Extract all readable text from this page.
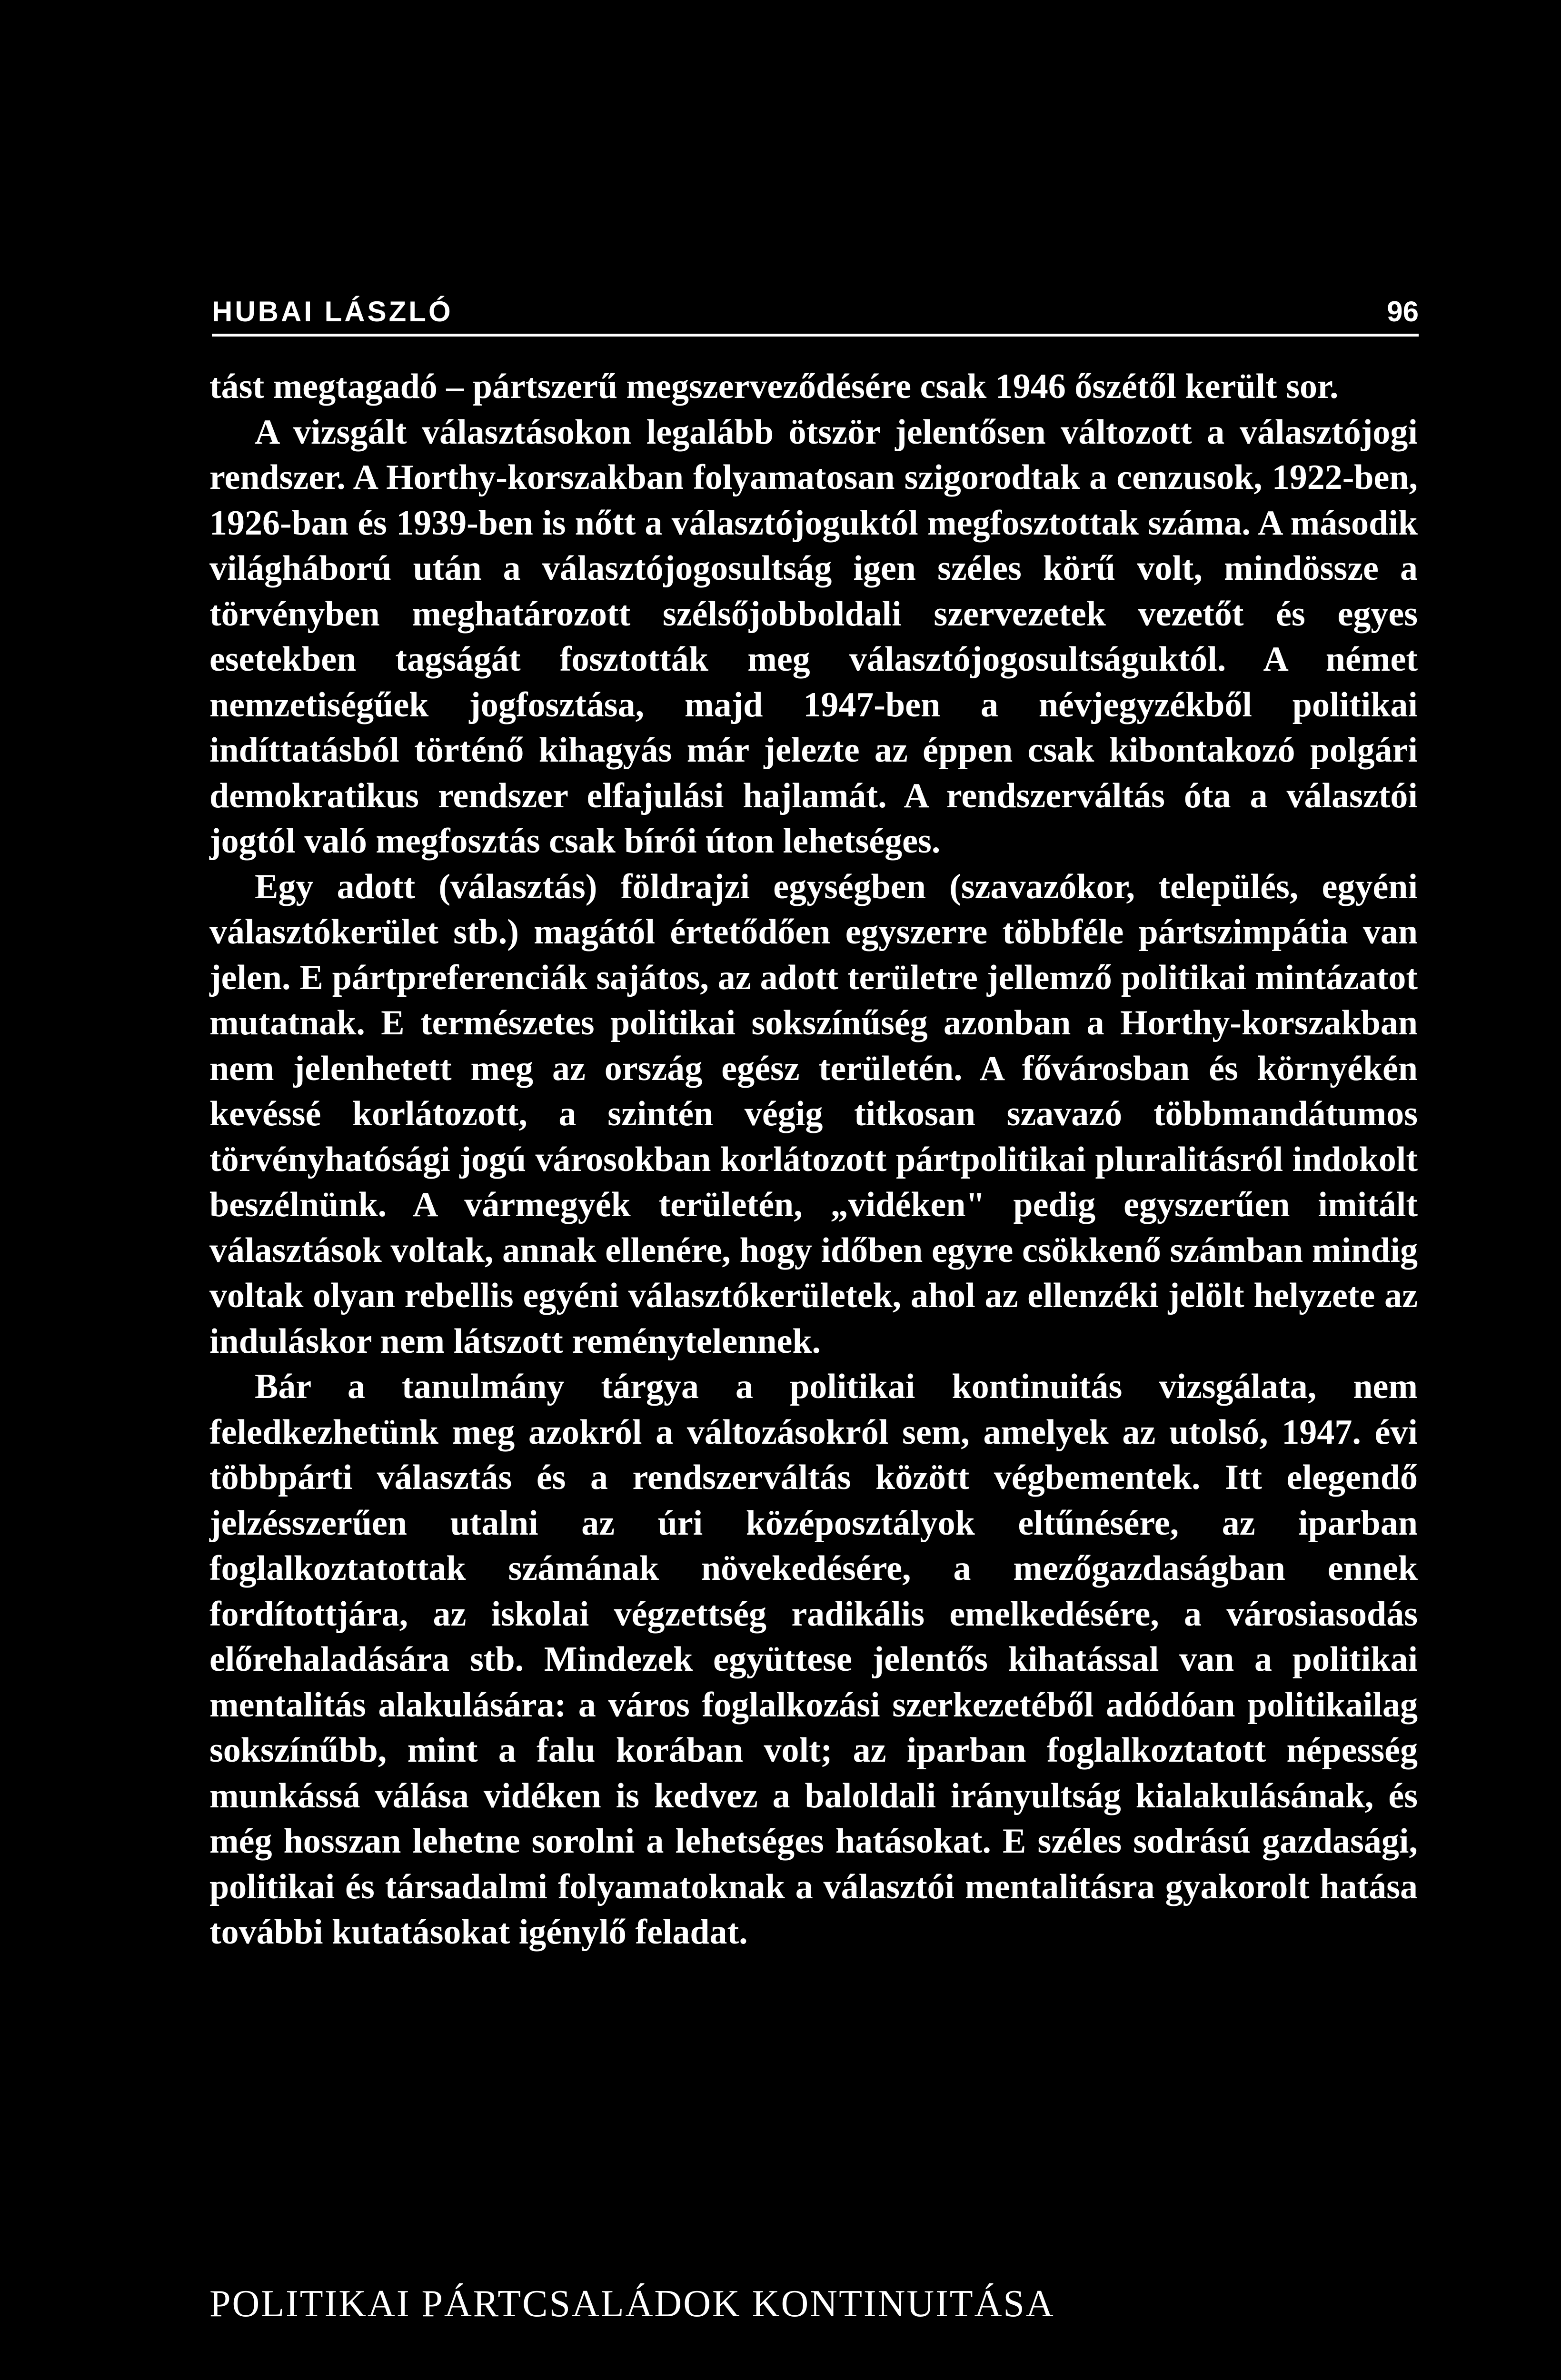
HUBAI LÁSZLÓ	96

tást megtagadó – pártszerű megszerveződésére csak 1946 őszétől került sor.

A vizsgált választásokon legalább ötször jelentősen változott a választójogi rendszer. A Horthy-korszakban folyamatosan szigorodtak a cenzusok, 1922-ben, 1926-ban és 1939-ben is nőtt a választójoguktól megfosztottak száma. A második világháború után a választójogosultság igen széles körű volt, mindössze a törvényben meghatározott szélsőjobboldali szervezetek vezetőt és egyes esetekben tagságát fosztották meg választójogosultságuktól. A német nemzetiségűek jogfosztása, majd 1947-ben a névjegyzékből politikai indíttatásból történő kihagyás már jelezte az éppen csak kibontakozó polgári demokratikus rendszer elfajulási hajlamát. A rendszerváltás óta a választói jogtól való megfosztás csak bírói úton lehetséges.

Egy adott (választás) földrajzi egységben (szavazókor, település, egyéni választókerület stb.) magától értetődően egyszerre többféle pártszimpátia van jelen. E pártpreferenciák sajátos, az adott területre jellemző politikai mintázatot mutatnak. E természetes politikai sokszínűség azonban a Horthy-korszakban nem jelenhetett meg az ország egész területén. A fővárosban és környékén kevéssé korlátozott, a szintén végig titkosan szavazó többmandátumos törvényhatósági jogú városokban korlátozott pártpolitikai pluralitásról indokolt beszélnünk. A vármegyék területén, „vidéken" pedig egyszerűen imitált választások voltak, annak ellenére, hogy időben egyre csökkenő számban mindig voltak olyan rebellis egyéni választókerületek, ahol az ellenzéki jelölt helyzete az induláskor nem látszott reménytelennek.

Bár a tanulmány tárgya a politikai kontinuitás vizsgálata, nem feledkezhetünk meg azokról a változásokról sem, amelyek az utolsó, 1947. évi többpárti választás és a rendszerváltás között végbementek. Itt elegendő jelzésszerűen utalni az úri középosztályok eltűnésére, az iparban foglalkoztatottak számának növekedésére, a mezőgazdaságban ennek fordítottjára, az iskolai végzettség radikális emelkedésére, a városiasodás előrehaladására stb. Mindezek együttese jelentős kihatással van a politikai mentalitás alakulására: a város foglalkozási szerkezetéből adódóan politikailag sokszínűbb, mint a falu korában volt; az iparban foglalkoztatott népesség munkássá válása vidéken is kedvez a baloldali irányultság kialakulásának, és még hosszan lehetne sorolni a lehetséges hatásokat. E széles sodrású gazdasági, politikai és társadalmi folyamatoknak a választói mentalitásra gyakorolt hatása további kutatásokat igénylő feladat.

POLITIKAI PÁRTCSALÁDOK KONTINUITÁSA
